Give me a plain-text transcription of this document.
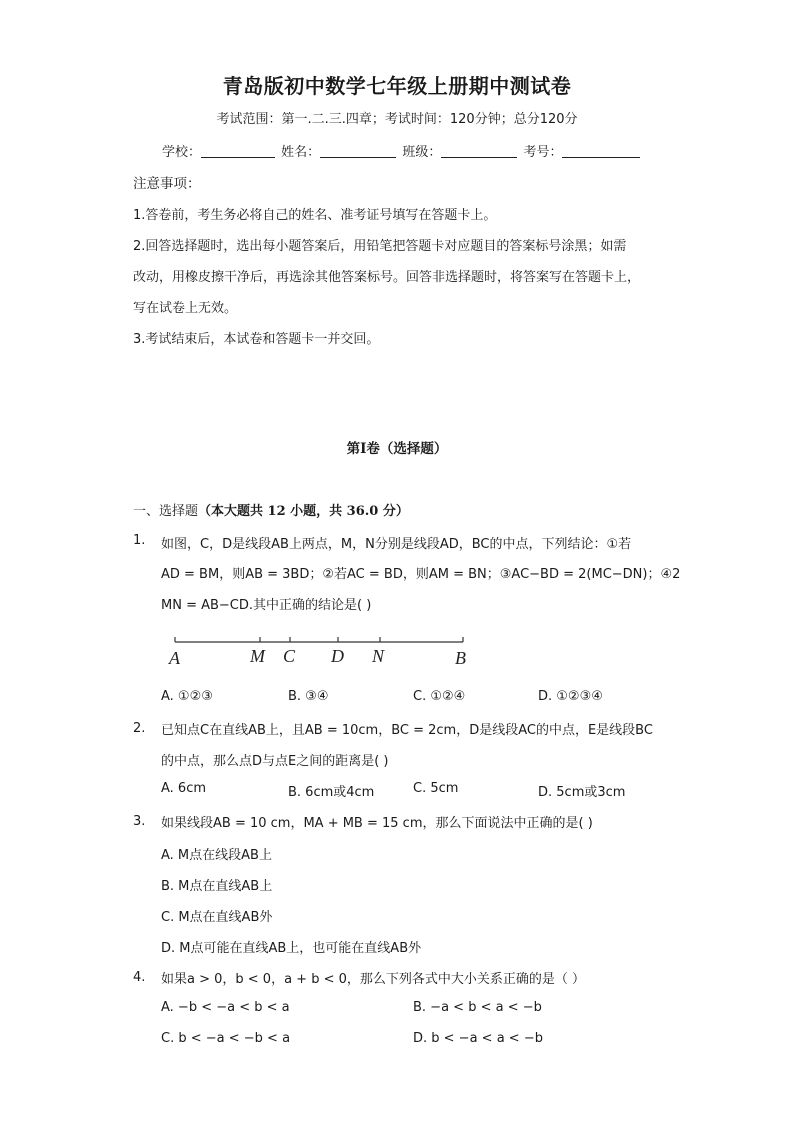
青岛版初中数学七年级上册期中测试卷
考试范围：第一.二.三.四章；考试时间：120分钟；总分120分
学校：	姓名：	班级：	考号：
注意事项：
1.答卷前，考生务必将自己的姓名、准考证号填写在答题卡上。
2.回答选择题时，选出每小题答案后，用铅笔把答题卡对应题目的答案标号涂黑；如需
改动，用橡皮擦干净后，再选涂其他答案标号。回答非选择题时，将答案写在答题卡上，
写在试卷上无效。
3.考试结束后，本试卷和答题卡一并交回。
第Ⅰ卷（选择题）
一、选择题（本大题共 12 小题，共 36.0 分）
1. 如图，C，D是线段AB上两点，M，N分别是线段AD，BC的中点，下列结论：①若
AD = BM，则AB = 3BD；②若AC = BD，则AM = BN；③AC−BD = 2(MC−DN)；④2
MN = AB−CD.其中正确的结论是( )
A	M C D N	B
A. ①②③	B. ③④	C. ①②④	D. ①②③④
2. 已知点C在直线AB上，且AB = 10cm，BC = 2cm，D是线段AC的中点，E是线段BC
的中点，那么点D与点E之间的距离是( )
A. 6cm	B. 6cm或4cm	C. 5cm	D. 5cm或3cm
3. 如果线段AB = 10 cm，MA + MB = 15 cm，那么下面说法中正确的是( )
A. M点在线段AB上
B. M点在直线AB上
C. M点在直线AB外
D. M点可能在直线AB上，也可能在直线AB外
4. 如果a > 0，b < 0，a + b < 0，那么下列各式中大小关系正确的是（ ）
A. −b < −a < b < a	B. −a < b < a < −b
C. b < −a < −b < a	D. b < −a < a < −b
